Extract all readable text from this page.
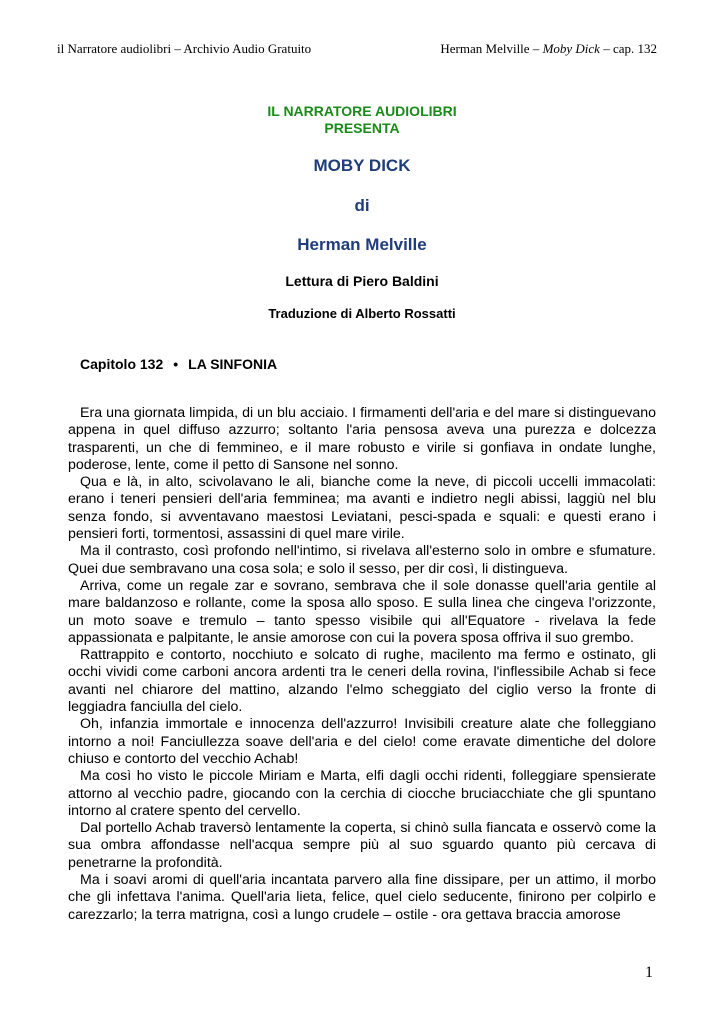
il Narratore audiolibri – Archivio Audio Gratuito	Herman Melville – Moby Dick – cap. 132
IL NARRATORE AUDIOLIBRI
PRESENTA
MOBY DICK
di
Herman Melville
Lettura di Piero Baldini
Traduzione di Alberto Rossatti
Capitolo 132 • LA SINFONIA

Era una giornata limpida, di un blu acciaio. I firmamenti dell'aria e del mare si distinguevano appena in quel diffuso azzurro; soltanto l'aria pensosa aveva una purezza e dolcezza trasparenti, un che di femmineo, e il mare robusto e virile si gonfiava in ondate lunghe, poderose, lente, come il petto di Sansone nel sonno.

Qua e là, in alto, scivolavano le ali, bianche come la neve, di piccoli uccelli immacolati: erano i teneri pensieri dell'aria femminea; ma avanti e indietro negli abissi, laggiù nel blu senza fondo, si avventavano maestosi Leviatani, pesci-spada e squali: e questi erano i pensieri forti, tormentosi, assassini di quel mare virile.

Ma il contrasto, così profondo nell'intimo, si rivelava all'esterno solo in ombre e sfumature. Quei due sembravano una cosa sola; e solo il sesso, per dir così, li distingueva.

Arriva, come un regale zar e sovrano, sembrava che il sole donasse quell'aria gentile al mare baldanzoso e rollante, come la sposa allo sposo. E sulla linea che cingeva l'orizzonte, un moto soave e tremulo – tanto spesso visibile qui all'Equatore - rivelava la fede appassionata e palpitante, le ansie amorose con cui la povera sposa offriva il suo grembo.

Rattrappito e contorto, nocchiuto e solcato di rughe, macilento ma fermo e ostinato, gli occhi vividi come carboni ancora ardenti tra le ceneri della rovina, l'inflessibile Achab si fece avanti nel chiarore del mattino, alzando l'elmo scheggiato del ciglio verso la fronte di leggiadra fanciulla del cielo.

Oh, infanzia immortale e innocenza dell'azzurro! Invisibili creature alate che folleggiano intorno a noi! Fanciullezza soave dell'aria e del cielo! come eravate dimentiche del dolore chiuso e contorto del vecchio Achab!

Ma così ho visto le piccole Miriam e Marta, elfi dagli occhi ridenti, folleggiare spensierate attorno al vecchio padre, giocando con la cerchia di ciocche bruciacchiate che gli spuntano intorno al cratere spento del cervello.

Dal portello Achab traversò lentamente la coperta, si chinò sulla fiancata e osservò come la sua ombra affondasse nell'acqua sempre più al suo sguardo quanto più cercava di penetrarne la profondità.

Ma i soavi aromi di quell'aria incantata parvero alla fine dissipare, per un attimo, il morbo che gli infettava l'anima. Quell'aria lieta, felice, quel cielo seducente, finirono per colpirlo e carezzarlo; la terra matrigna, così a lungo crudele – ostile - ora gettava braccia amorose

1
